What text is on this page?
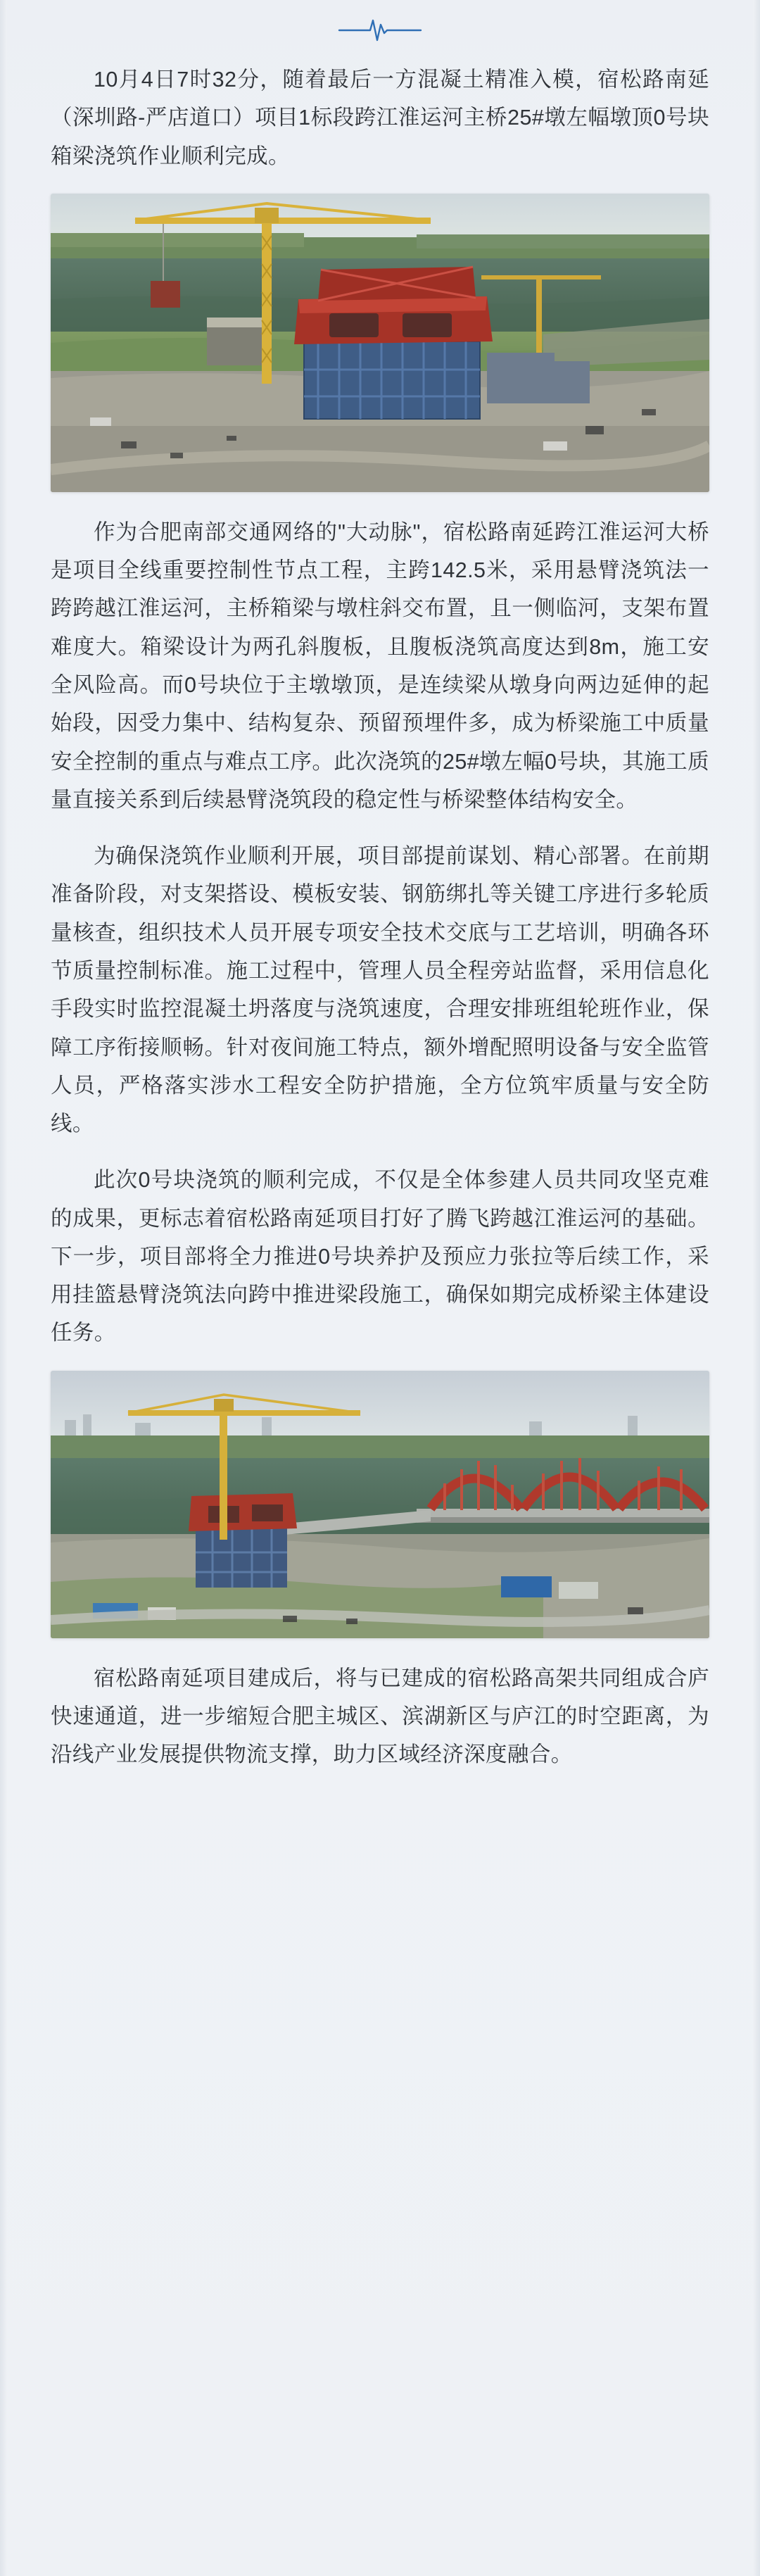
10月4日7时32分，随着最后一方混凝土精准入模，宿松路南延（深圳路-严店道口）项目1标段跨江淮运河主桥25#墩左幅墩顶0号块箱梁浇筑作业顺利完成。

作为合肥南部交通网络的"大动脉"，宿松路南延跨江淮运河大桥是项目全线重要控制性节点工程，主跨142.5米，采用悬臂浇筑法一跨跨越江淮运河，主桥箱梁与墩柱斜交布置，且一侧临河，支架布置难度大。箱梁设计为两孔斜腹板，且腹板浇筑高度达到8m，施工安全风险高。而0号块位于主墩墩顶，是连续梁从墩身向两边延伸的起始段，因受力集中、结构复杂、预留预埋件多，成为桥梁施工中质量安全控制的重点与难点工序。此次浇筑的25#墩左幅0号块，其施工质量直接关系到后续悬臂浇筑段的稳定性与桥梁整体结构安全。

为确保浇筑作业顺利开展，项目部提前谋划、精心部署。在前期准备阶段，对支架搭设、模板安装、钢筋绑扎等关键工序进行多轮质量核查，组织技术人员开展专项安全技术交底与工艺培训，明确各环节质量控制标准。施工过程中，管理人员全程旁站监督，采用信息化手段实时监控混凝土坍落度与浇筑速度，合理安排班组轮班作业，保障工序衔接顺畅。针对夜间施工特点，额外增配照明设备与安全监管人员，严格落实涉水工程安全防护措施，全方位筑牢质量与安全防线。

此次0号块浇筑的顺利完成，不仅是全体参建人员共同攻坚克难的成果，更标志着宿松路南延项目打好了腾飞跨越江淮运河的基础。下一步，项目部将全力推进0号块养护及预应力张拉等后续工作，采用挂篮悬臂浇筑法向跨中推进梁段施工，确保如期完成桥梁主体建设任务。

宿松路南延项目建成后，将与已建成的宿松路高架共同组成合庐快速通道，进一步缩短合肥主城区、滨湖新区与庐江的时空距离，为沿线产业发展提供物流支撑，助力区域经济深度融合。
